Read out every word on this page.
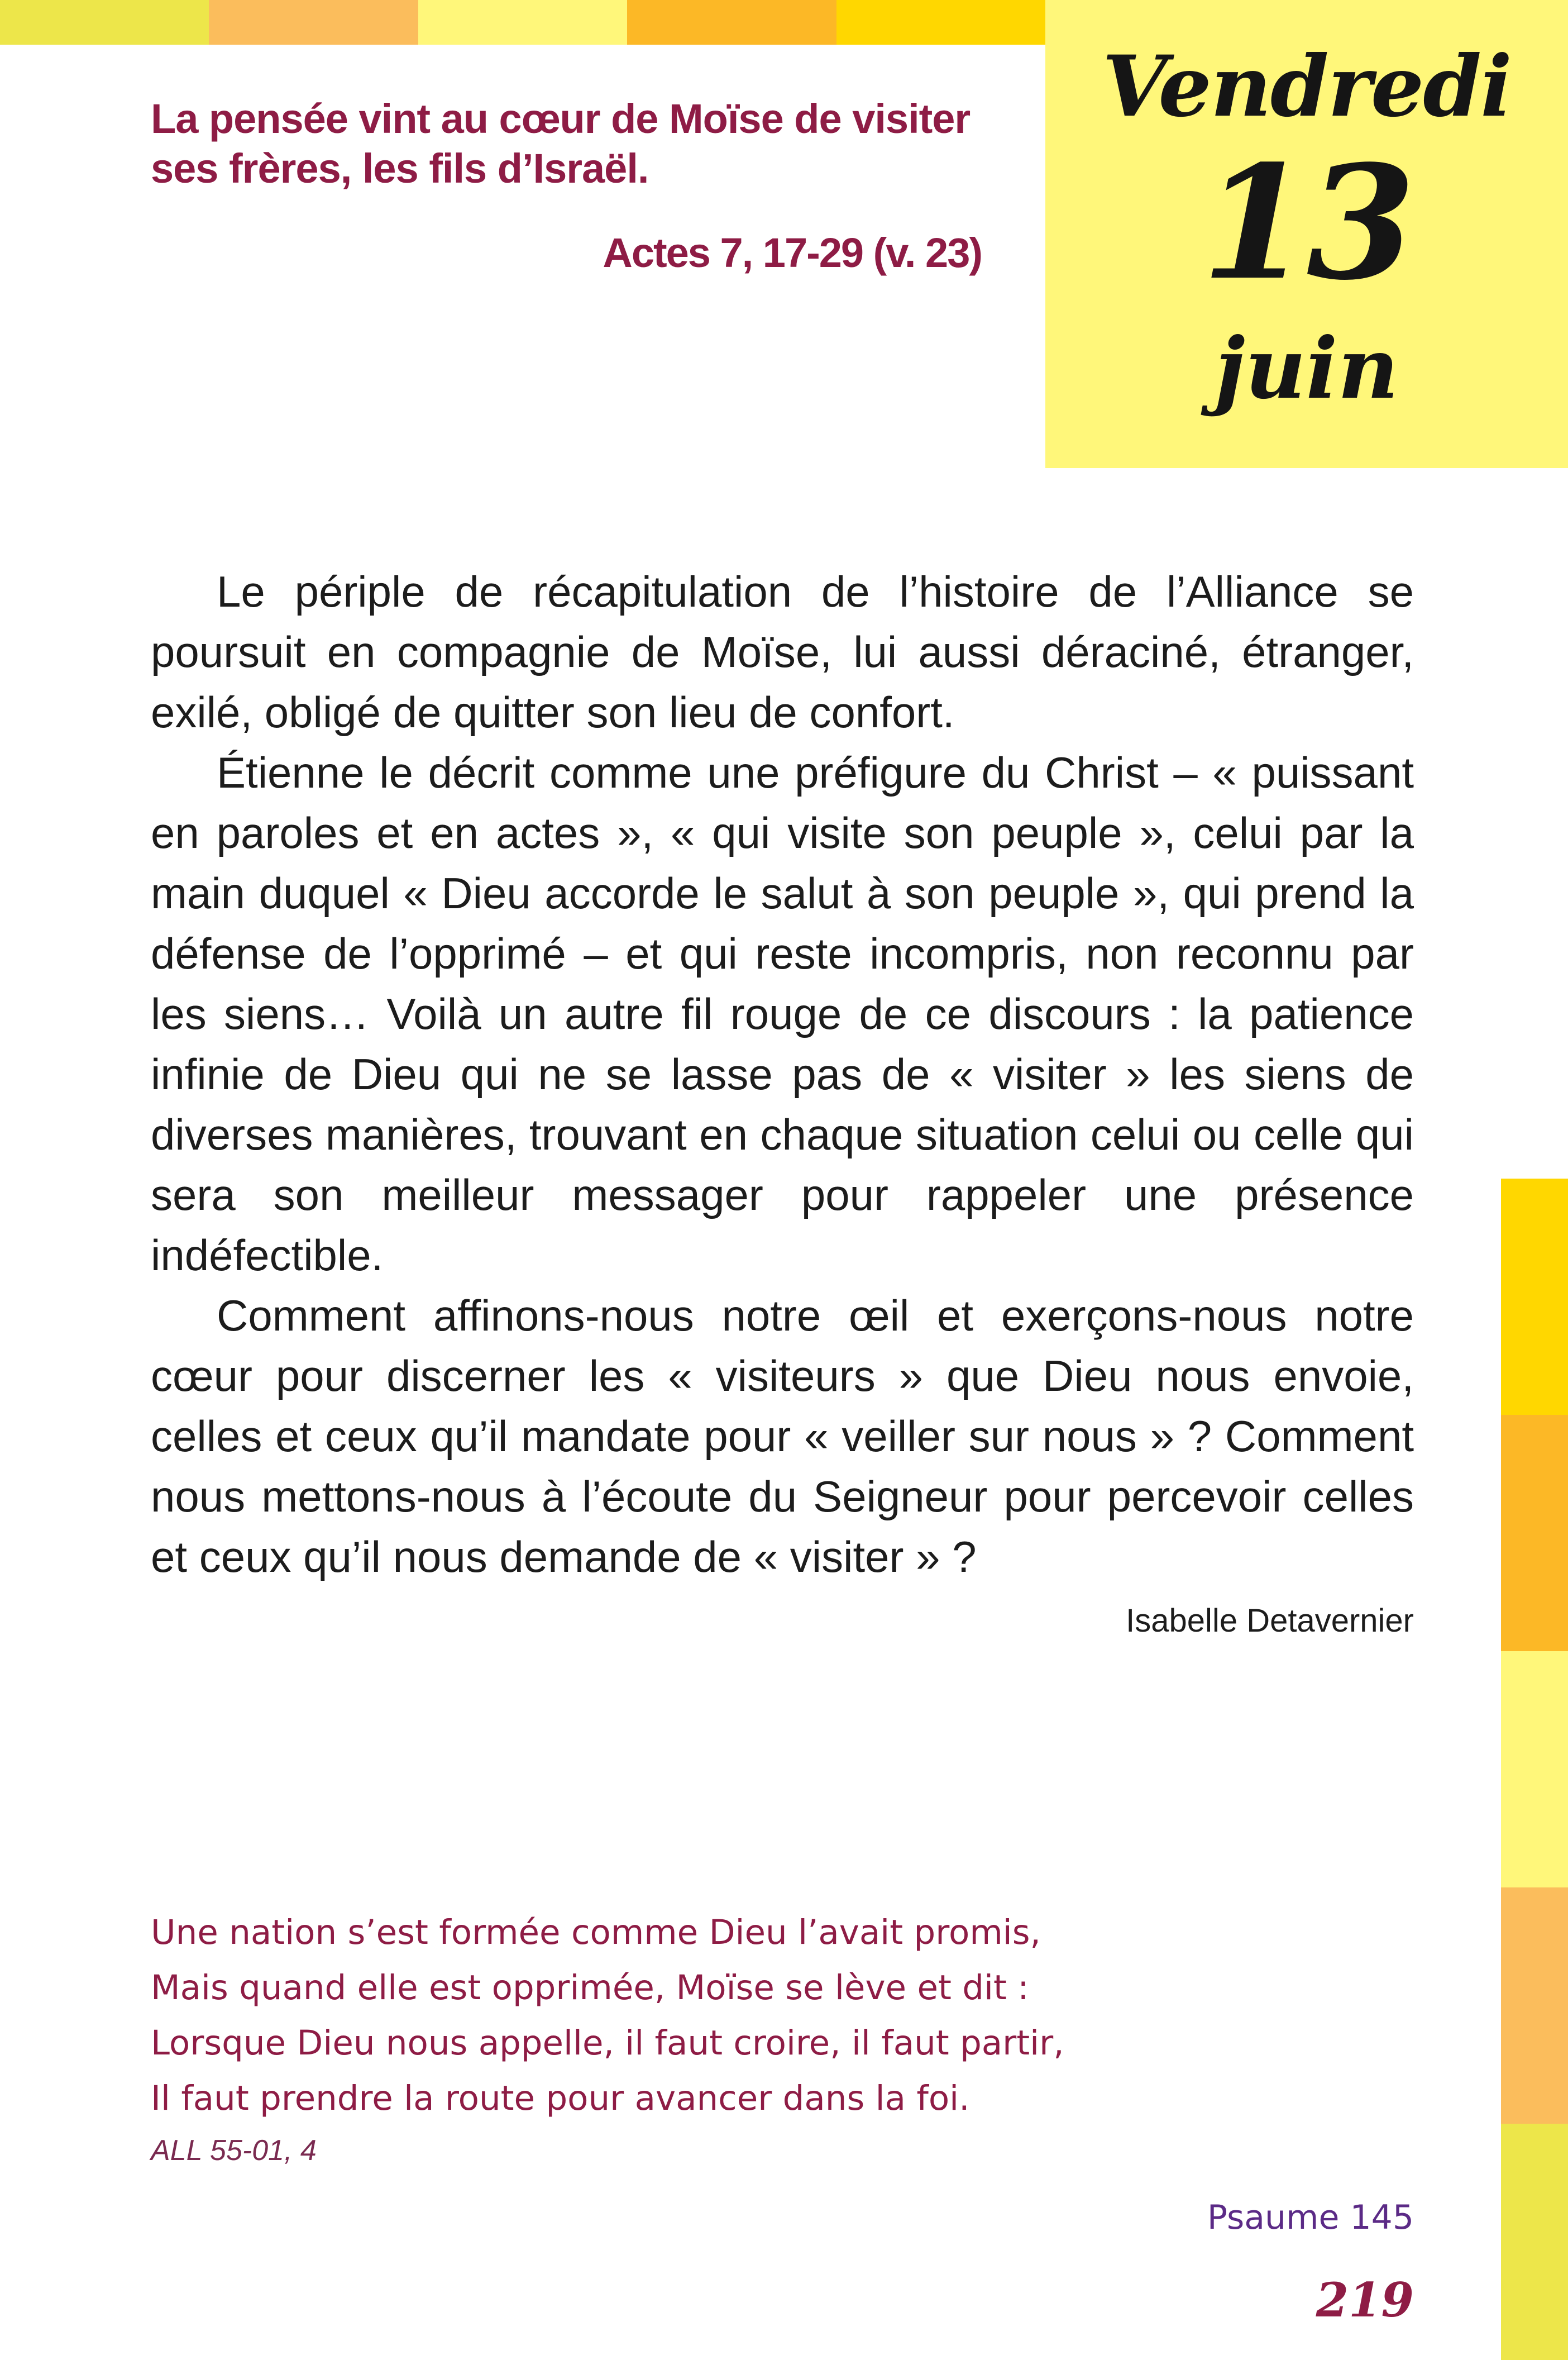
Vendredi
13
juin
La pensée vint au cœur de Moïse de visiter ses frères, les fils d’Israël.
Actes 7, 17-29 (v. 23)

Le périple de récapitulation de l’histoire de l’Alliance se poursuit en compagnie de Moïse, lui aussi déraciné, étranger, exilé, obligé de quitter son lieu de confort.

Étienne le décrit comme une préfigure du Christ – « puissant en paroles et en actes », « qui visite son peuple », celui par la main duquel « Dieu accorde le salut à son peuple », qui prend la défense de l’opprimé – et qui reste incompris, non reconnu par les siens… Voilà un autre fil rouge de ce discours : la patience infinie de Dieu qui ne se lasse pas de « visiter » les siens de diverses manières, trouvant en chaque situation celui ou celle qui sera son meilleur messager pour rappeler une présence indéfectible.

Comment affinons-nous notre œil et exerçons-nous notre cœur pour discerner les « visiteurs » que Dieu nous envoie, celles et ceux qu’il mandate pour « veiller sur nous » ? Comment nous mettons-nous à l’écoute du Seigneur pour percevoir celles et ceux qu’il nous demande de « visiter » ?

Isabelle Detavernier
Une nation s’est formée comme Dieu l’avait promis,
Mais quand elle est opprimée, Moïse se lève et dit :
Lorsque Dieu nous appelle, il faut croire, il faut partir,
Il faut prendre la route pour avancer dans la foi.
ALL 55-01, 4
Psaume 145
219
